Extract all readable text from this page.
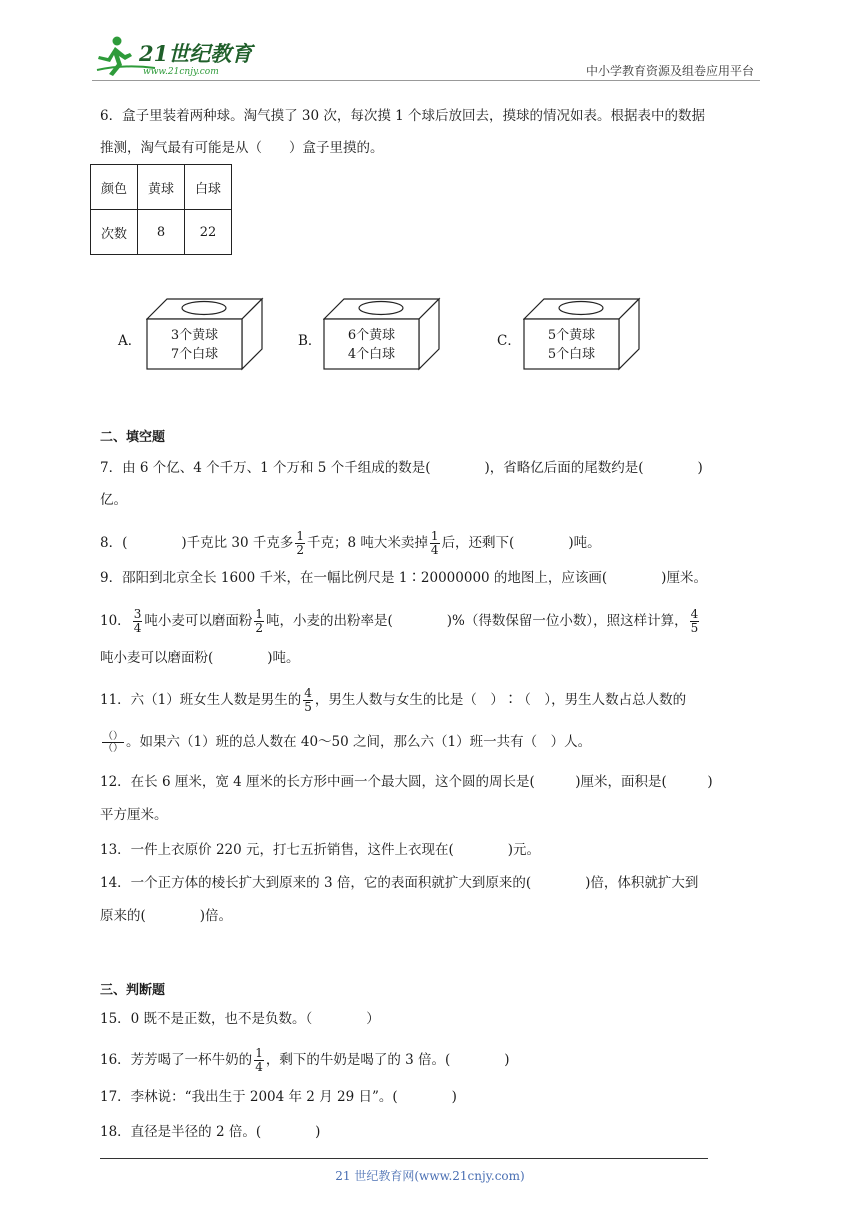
21世纪教育
www.21cnjy.com	中小学教育资源及组卷应用平台
6．盒子里装着两种球。淘气摸了 30 次，每次摸 1 个球后放回去，摸球的情况如表。根据表中的数据
推测，淘气最有可能是从（　　）盒子里摸的。
颜色	黄球	白球
次数	8	22
A．	3个黄球
7个白球
B．	6个黄球
4个白球
C．	5个黄球
5个白球
二、填空题
7．由 6 个亿、4 个千万、1 个万和 5 个千组成的数是(　　　　)，省略亿后面的尾数约是(　　　　)
亿。
8．(　　　　)千克比 30 千克多 $\frac{1}{2}$ 千克；8 吨大米卖掉 $\frac{1}{4}$ 后，还剩下(　　　　)吨。
9．邵阳到北京全长 1600 千米，在一幅比例尺是 1∶20000000 的地图上，应该画(　　　　)厘米。
10． $\frac{3}{4}$ 吨小麦可以磨面粉 $\frac{1}{2}$ 吨，小麦的出粉率是(　　　　)%（得数保留一位小数），照这样计算， $\frac{4}{5}$
吨小麦可以磨面粉(　　　　)吨。
11．六（1）班女生人数是男生的 $\frac{4}{5}$ ，男生人数与女生的比是（　）∶（　），男生人数占总人数的
$\frac{()}{()}$ 。如果六（1）班的总人数在 40～50 之间，那么六（1）班一共有（　）人。
12．在长 6 厘米，宽 4 厘米的长方形中画一个最大圆，这个圆的周长是(　　　)厘米，面积是(　　　)
平方厘米。
13．一件上衣原价 220 元，打七五折销售，这件上衣现在(　　　　)元。
14．一个正方体的棱长扩大到原来的 3 倍，它的表面积就扩大到原来的(　　　　)倍，体积就扩大到
原来的(　　　　)倍。
三、判断题
15．0 既不是正数，也不是负数。（　　　　）
16．芳芳喝了一杯牛奶的 $\frac{1}{4}$ ，剩下的牛奶是喝了的 3 倍。(　　　　)
17．李林说：“我出生于 2004 年 2 月 29 日”。(　　　　)
18．直径是半径的 2 倍。(　　　　)
21 世纪教育网(www.21cnjy.com)
